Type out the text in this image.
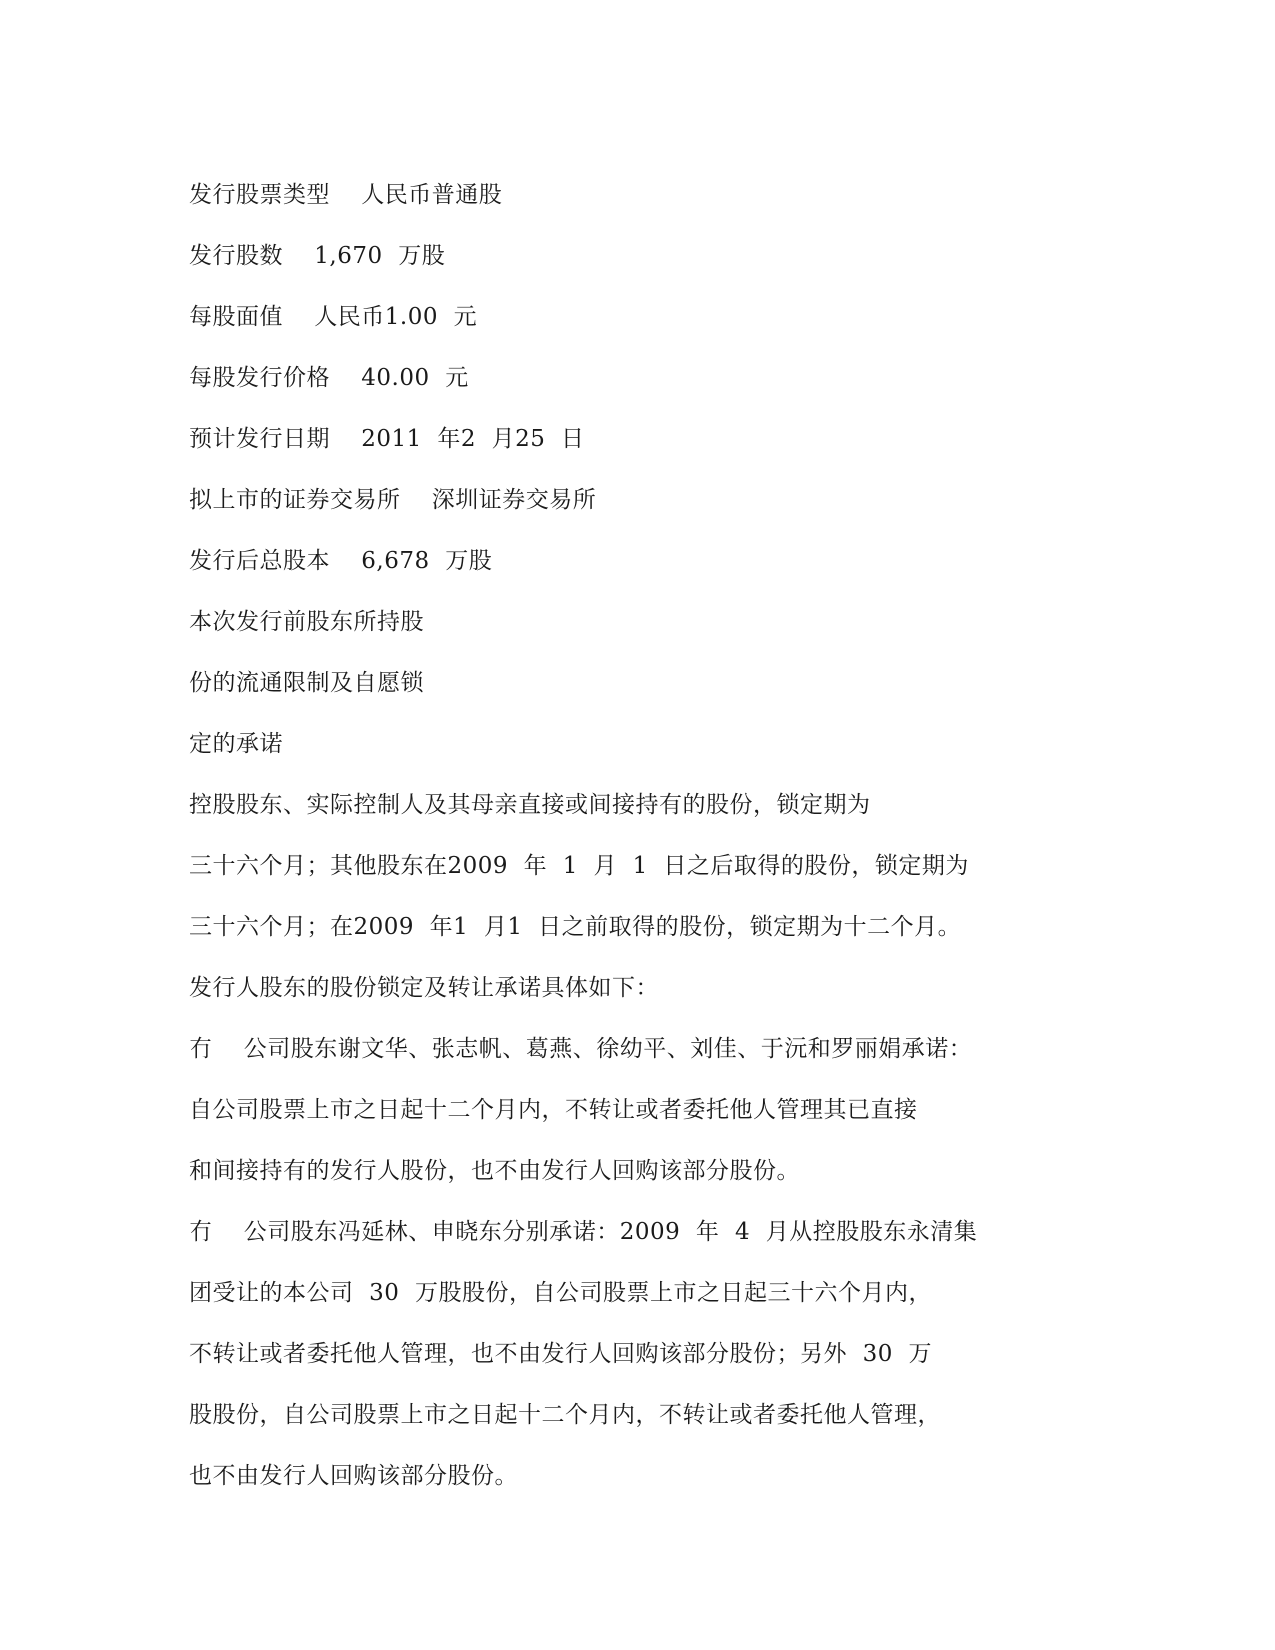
发行股票类型    人民币普通股
发行股数    1,670  万股
每股面值    人民币1.00  元
每股发行价格    40.00  元
预计发行日期    2011  年2  月25  日
拟上市的证券交易所    深圳证券交易所
发行后总股本    6,678  万股
本次发行前股东所持股
份的流通限制及自愿锁
定的承诺
控股股东、实际控制人及其母亲直接或间接持有的股份，锁定期为
三十六个月；其他股东在2009  年  1  月  1  日之后取得的股份，锁定期为
三十六个月；在2009  年1  月1  日之前取得的股份，锁定期为十二个月。
发行人股东的股份锁定及转让承诺具体如下：
冇    公司股东谢文华、张志帆、葛燕、徐幼平、刘佳、于沅和罗丽娟承诺：
自公司股票上市之日起十二个月内，不转让或者委托他人管理其已直接
和间接持有的发行人股份，也不由发行人回购该部分股份。
冇    公司股东冯延林、申晓东分别承诺：2009  年  4  月从控股股东永清集
团受让的本公司  30  万股股份，自公司股票上市之日起三十六个月内，
不转让或者委托他人管理，也不由发行人回购该部分股份；另外  30  万
股股份，自公司股票上市之日起十二个月内，不转让或者委托他人管理，
也不由发行人回购该部分股份。
